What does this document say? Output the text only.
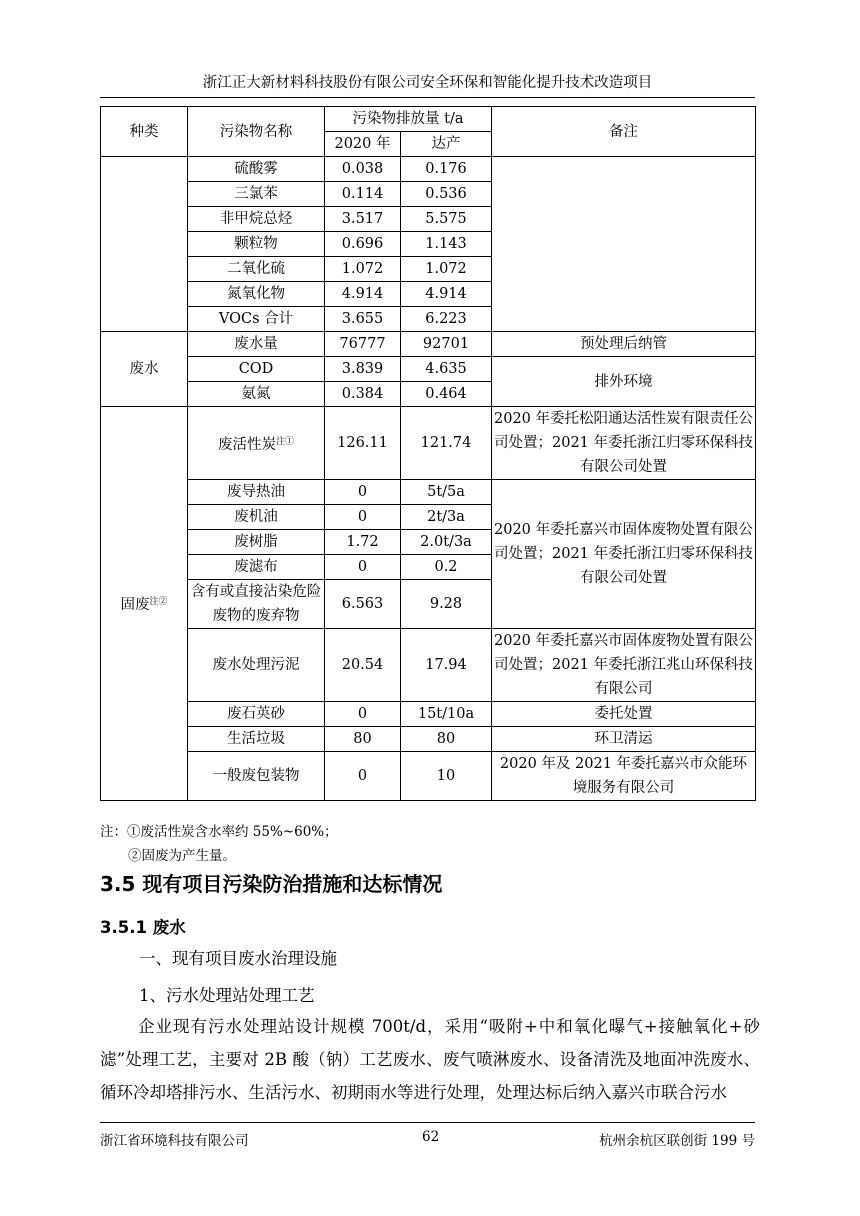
浙江正大新材料科技股份有限公司安全环保和智能化提升技术改造项目
种类	污染物名称	污染物排放量 t/a		备注
		2020 年	达产	
	硫酸雾	0.038	0.176	
	三氯苯	0.114	0.536	
	非甲烷总烃	3.517	5.575	
	颗粒物	0.696	1.143	
	二氧化硫	1.072	1.072	
	氮氧化物	4.914	4.914	
	VOCs 合计	3.655	6.223	
废水	废水量	76777	92701	预处理后纳管
	COD	3.839	4.635	排外环境
	氨氮	0.384	0.464	
固废$^{注②}$	废活性炭$^{注①}$	126.11	121.74	2020 年委托松阳通达活性炭有限责任公司处置；2021 年委托浙江归零环保科技有限公司处置
	废导热油	0	5t/5a	2020 年委托嘉兴市固体废物处置有限公司处置；2021 年委托浙江归零环保科技有限公司处置
	废机油	0	2t/3a	
	废树脂	1.72	2.0t/3a	
	废滤布	0	0.2	
	含有或直接沾染危险废物的废弃物	6.563	9.28	
	废水处理污泥	20.54	17.94	2020 年委托嘉兴市固体废物处置有限公司处置；2021 年委托浙江兆山环保科技有限公司
	废石英砂	0	15t/10a	委托处置
	生活垃圾	80	80	环卫清运
	一般废包装物	0	10	2020 年及 2021 年委托嘉兴市众能环境服务有限公司
注：①废活性炭含水率约 55%~60%；
②固废为产生量。
3.5 现有项目污染防治措施和达标情况
3.5.1 废水
一、现有项目废水治理设施
1、污水处理站处理工艺
企业现有污水处理站设计规模 700t/d，采用“吸附+中和氧化曝气+接触氧化+砂滤”处理工艺，主要对 2B 酸（钠）工艺废水、废气喷淋废水、设备清洗及地面冲洗废水、循环冷却塔排污水、生活污水、初期雨水等进行处理，处理达标后纳入嘉兴市联合污水
浙江省环境科技有限公司	62	杭州余杭区联创街 199 号
